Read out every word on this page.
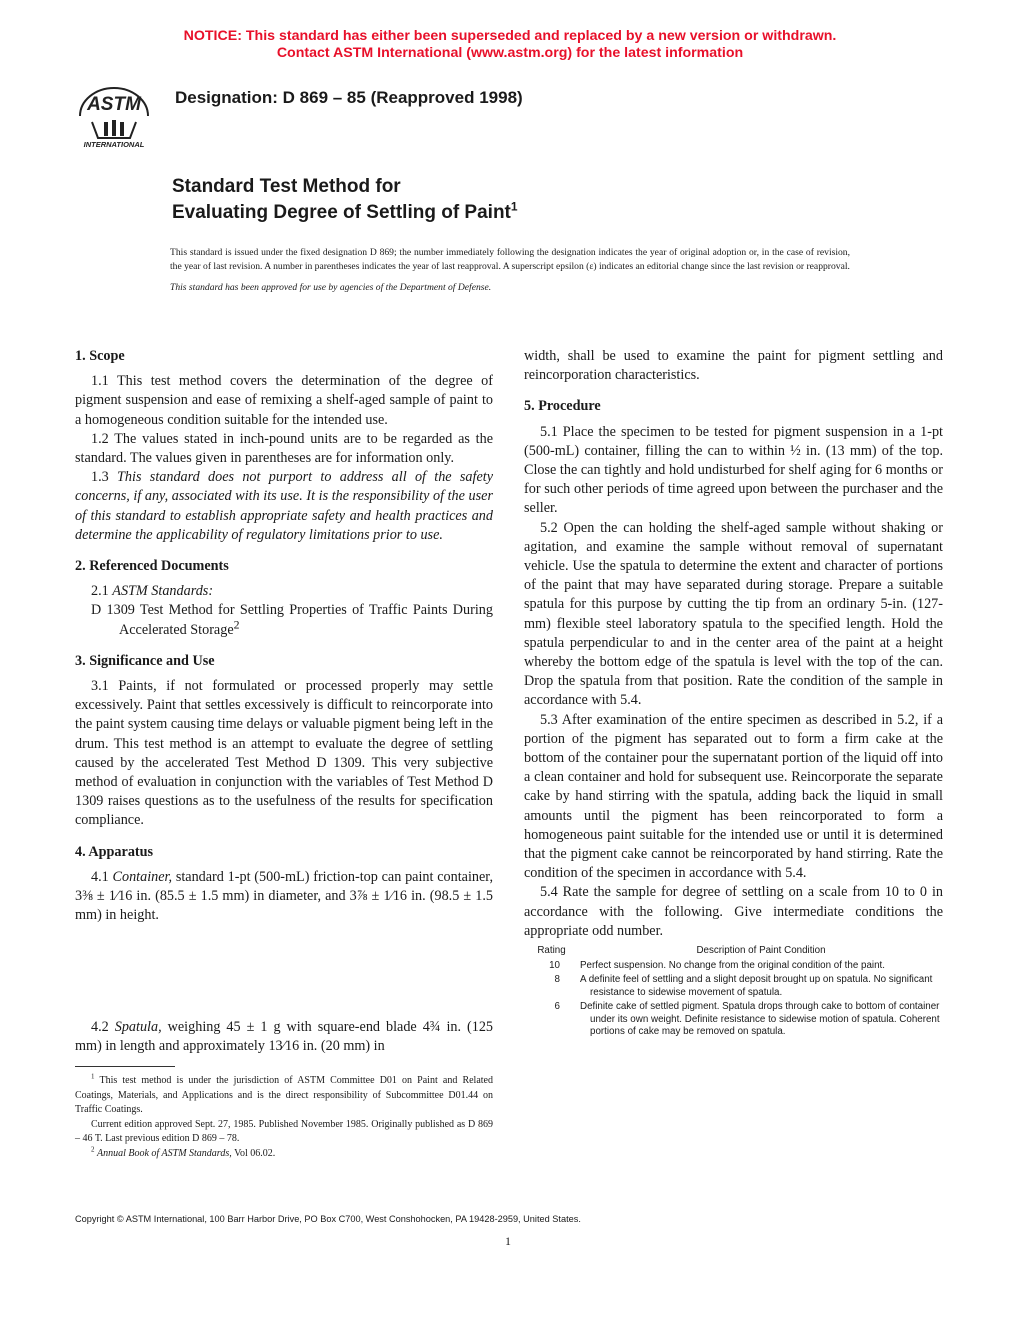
NOTICE: This standard has either been superseded and replaced by a new version or withdrawn.
Contact ASTM International (www.astm.org) for the latest information
ASTM
INTERNATIONAL
Designation: D 869 – 85 (Reapproved 1998)
Standard Test Method for
Evaluating Degree of Settling of Paint$^1$

This standard is issued under the fixed designation D 869; the number immediately following the designation indicates the year of original adoption or, in the case of revision, the year of last revision. A number in parentheses indicates the year of last reapproval. A superscript epsilon (ε) indicates an editorial change since the last revision or reapproval.

This standard has been approved for use by agencies of the Department of Defense.

1. Scope

1.1 This test method covers the determination of the degree of pigment suspension and ease of remixing a shelf-aged sample of paint to a homogeneous condition suitable for the intended use.

1.2 The values stated in inch-pound units are to be regarded as the standard. The values given in parentheses are for information only.

1.3 This standard does not purport to address all of the safety concerns, if any, associated with its use. It is the responsibility of the user of this standard to establish appropriate safety and health practices and determine the applicability of regulatory limitations prior to use.

2. Referenced Documents

2.1 ASTM Standards:

D 1309 Test Method for Settling Properties of Traffic Paints During Accelerated Storage$^2$

3. Significance and Use

3.1 Paints, if not formulated or processed properly may settle excessively. Paint that settles excessively is difficult to reincorporate into the paint system causing time delays or valuable pigment being left in the drum. This test method is an attempt to evaluate the degree of settling caused by the accelerated Test Method D 1309. This very subjective method of evaluation in conjunction with the variables of Test Method D 1309 raises questions as to the usefulness of the results for specification compliance.

4. Apparatus

4.1 Container, standard 1-pt (500-mL) friction-top can paint container, 3⅜ ± 1⁄16 in. (85.5 ± 1.5 mm) in diameter, and 3⅞ ± 1⁄16 in. (98.5 ± 1.5 mm) in height.

4.2 Spatula, weighing 45 ± 1 g with square-end blade 4¾ in. (125 mm) in length and approximately 13⁄16 in. (20 mm) in

width, shall be used to examine the paint for pigment settling and reincorporation characteristics.

5. Procedure

5.1 Place the specimen to be tested for pigment suspension in a 1-pt (500-mL) container, filling the can to within ½ in. (13 mm) of the top. Close the can tightly and hold undisturbed for shelf aging for 6 months or for such other periods of time agreed upon between the purchaser and the seller.

5.2 Open the can holding the shelf-aged sample without shaking or agitation, and examine the sample without removal of supernatant vehicle. Use the spatula to determine the extent and character of portions of the paint that may have separated during storage. Prepare a suitable spatula for this purpose by cutting the tip from an ordinary 5-in. (127-mm) flexible steel laboratory spatula to the specified length. Hold the spatula perpendicular to and in the center area of the paint at a height whereby the bottom edge of the spatula is level with the top of the can. Drop the spatula from that position. Rate the condition of the sample in accordance with 5.4.

5.3 After examination of the entire specimen as described in 5.2, if a portion of the pigment has separated out to form a firm cake at the bottom of the container pour the supernatant portion of the liquid off into a clean container and hold for subsequent use. Reincorporate the separate cake by hand stirring with the spatula, adding back the liquid in small amounts until the pigment has been reincorporated to form a homogeneous paint suitable for the intended use or until it is determined that the pigment cake cannot be reincorporated by hand stirring. Rate the condition of the specimen in accordance with 5.4.

5.4 Rate the sample for degree of settling on a scale from 10 to 0 in accordance with the following. Give intermediate conditions the appropriate odd number.

Rating	Description of Paint Condition
10	Perfect suspension. No change from the original condition of the paint.
8	A definite feel of settling and a slight deposit brought up on spatula. No significant resistance to sidewise movement of spatula.
6	Definite cake of settled pigment. Spatula drops through cake to bottom of container under its own weight. Definite resistance to sidewise motion of spatula. Coherent portions of cake may be removed on spatula.

$^1$ This test method is under the jurisdiction of ASTM Committee D01 on Paint and Related Coatings, Materials, and Applications and is the direct responsibility of Subcommittee D01.44 on Traffic Coatings.

Current edition approved Sept. 27, 1985. Published November 1985. Originally published as D 869 – 46 T. Last previous edition D 869 – 78.

$^2$ Annual Book of ASTM Standards, Vol 06.02.

Copyright © ASTM International, 100 Barr Harbor Drive, PO Box C700, West Conshohocken, PA 19428-2959, United States.
1
